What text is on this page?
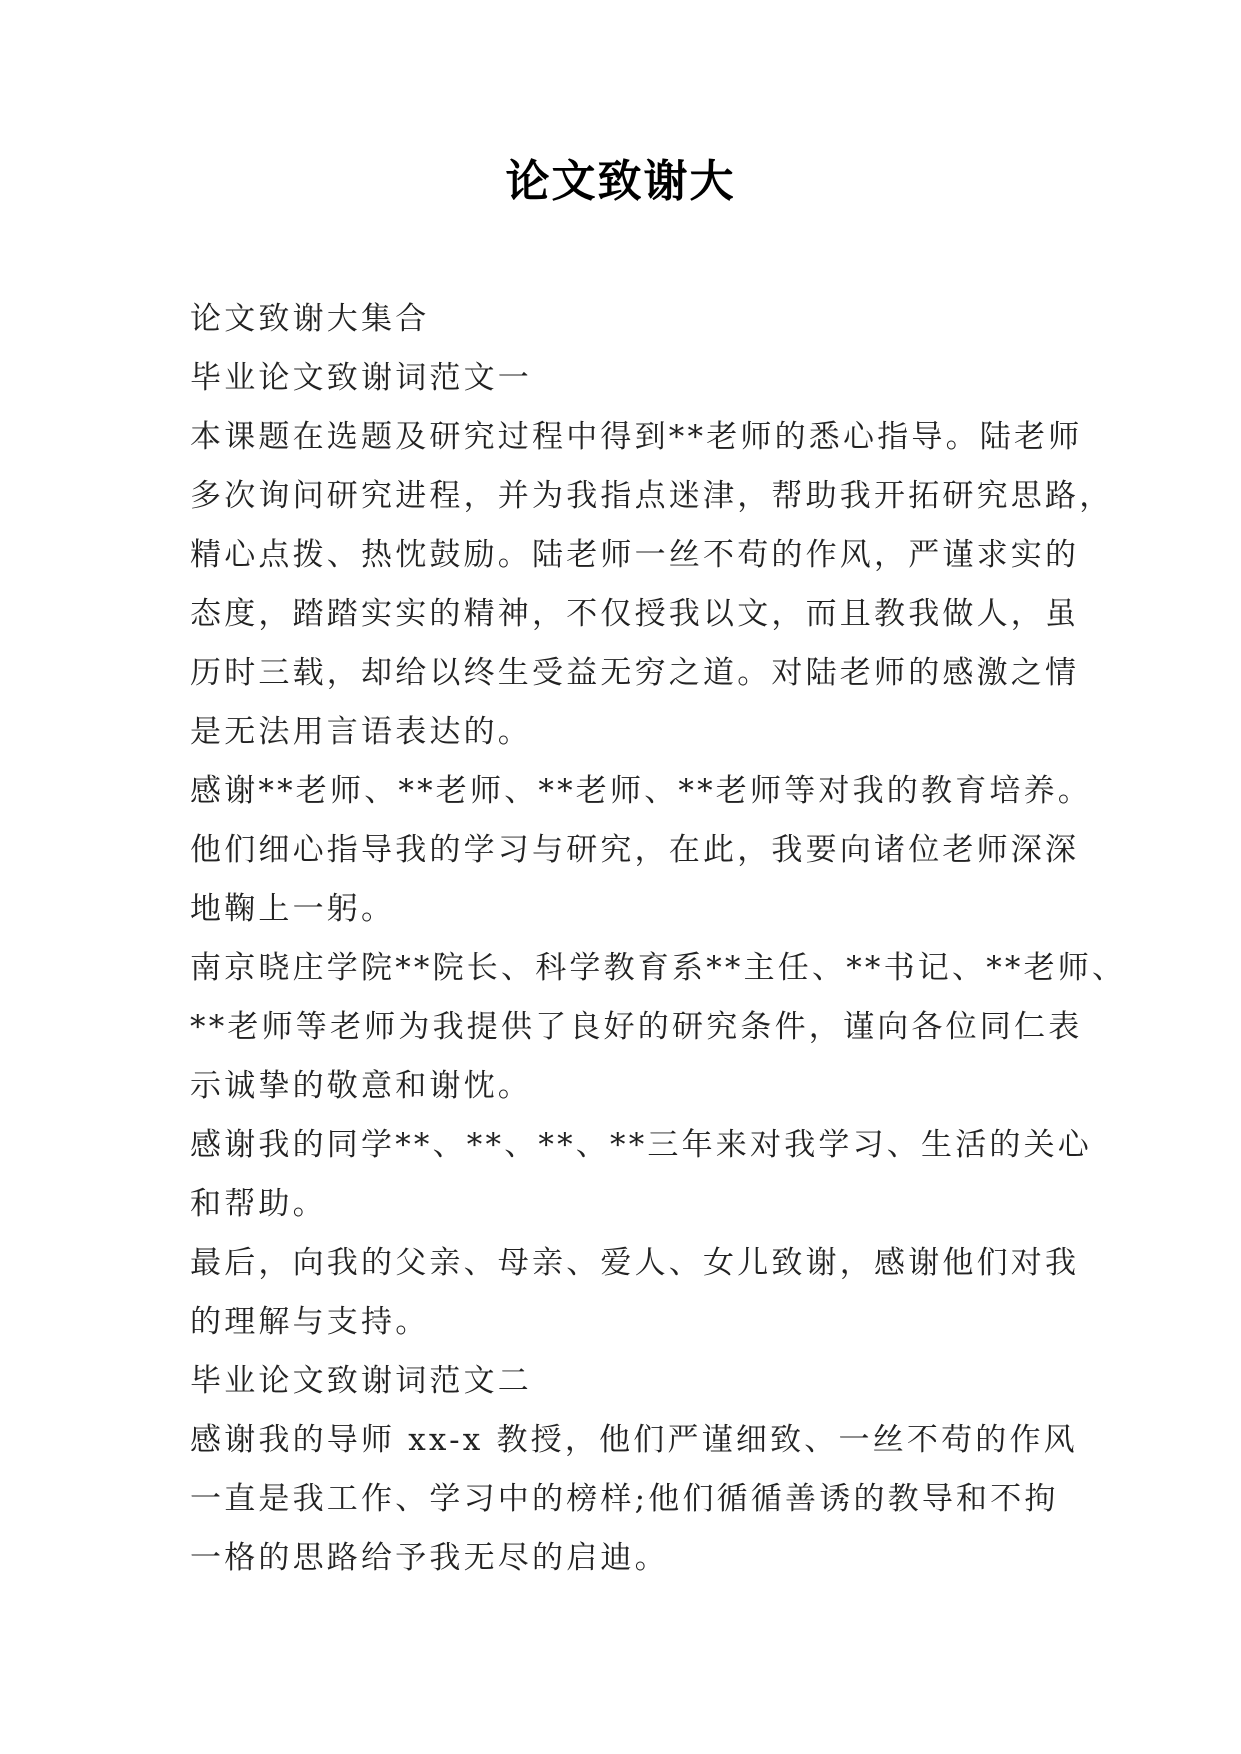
论文致谢大
论文致谢大集合
毕业论文致谢词范文一
本课题在选题及研究过程中得到**老师的悉心指导。陆老师
多次询问研究进程，并为我指点迷津，帮助我开拓研究思路，
精心点拨、热忱鼓励。陆老师一丝不苟的作风，严谨求实的
态度，踏踏实实的精神，不仅授我以文，而且教我做人，虽
历时三载，却给以终生受益无穷之道。对陆老师的感激之情
是无法用言语表达的。
感谢**老师、**老师、**老师、**老师等对我的教育培养。
他们细心指导我的学习与研究，在此，我要向诸位老师深深
地鞠上一躬。
南京晓庄学院**院长、科学教育系**主任、**书记、**老师、
**老师等老师为我提供了良好的研究条件，谨向各位同仁表
示诚挚的敬意和谢忱。
感谢我的同学**、**、**、**三年来对我学习、生活的关心
和帮助。
最后，向我的父亲、母亲、爱人、女儿致谢，感谢他们对我
的理解与支持。
毕业论文致谢词范文二
感谢我的导师 xx-x 教授，他们严谨细致、一丝不苟的作风
一直是我工作、学习中的榜样;他们循循善诱的教导和不拘
一格的思路给予我无尽的启迪。
